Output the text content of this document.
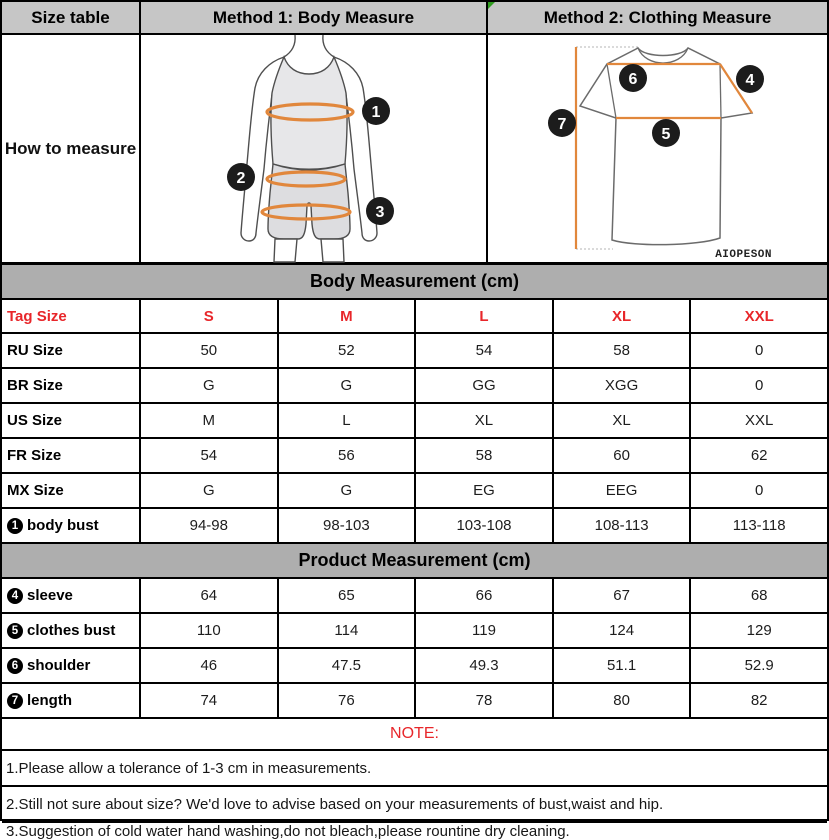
Size table	Method 1: Body Measure	Method 2: Clothing Measure
How to measure
1
2
3
6	4
7
5
AIOPESON
Body Measurement (cm)
Tag Size	S	M	L	XL	XXL
RU Size	50	52	54	58	0
BR Size	G	G	GG	XGG	0
US Size	M	L	XL	XL	XXL
FR Size	54	56	58	60	62
MX Size	G	G	EG	EEG	0
1 body bust	94-98	98-103	103-108	108-113	113-118
Product Measurement (cm)
4 sleeve	64	65	66	67	68
5 clothes bust	110	114	119	124	129
6 shoulder	46	47.5	49.3	51.1	52.9
7 length	74	76	78	80	82
NOTE:
1.Please allow a tolerance of 1-3 cm in measurements.
2.Still not sure about size? We'd love to advise based on your measurements of bust,waist and hip.
3.Suggestion of cold water hand washing,do not bleach,please rountine dry cleaning.
